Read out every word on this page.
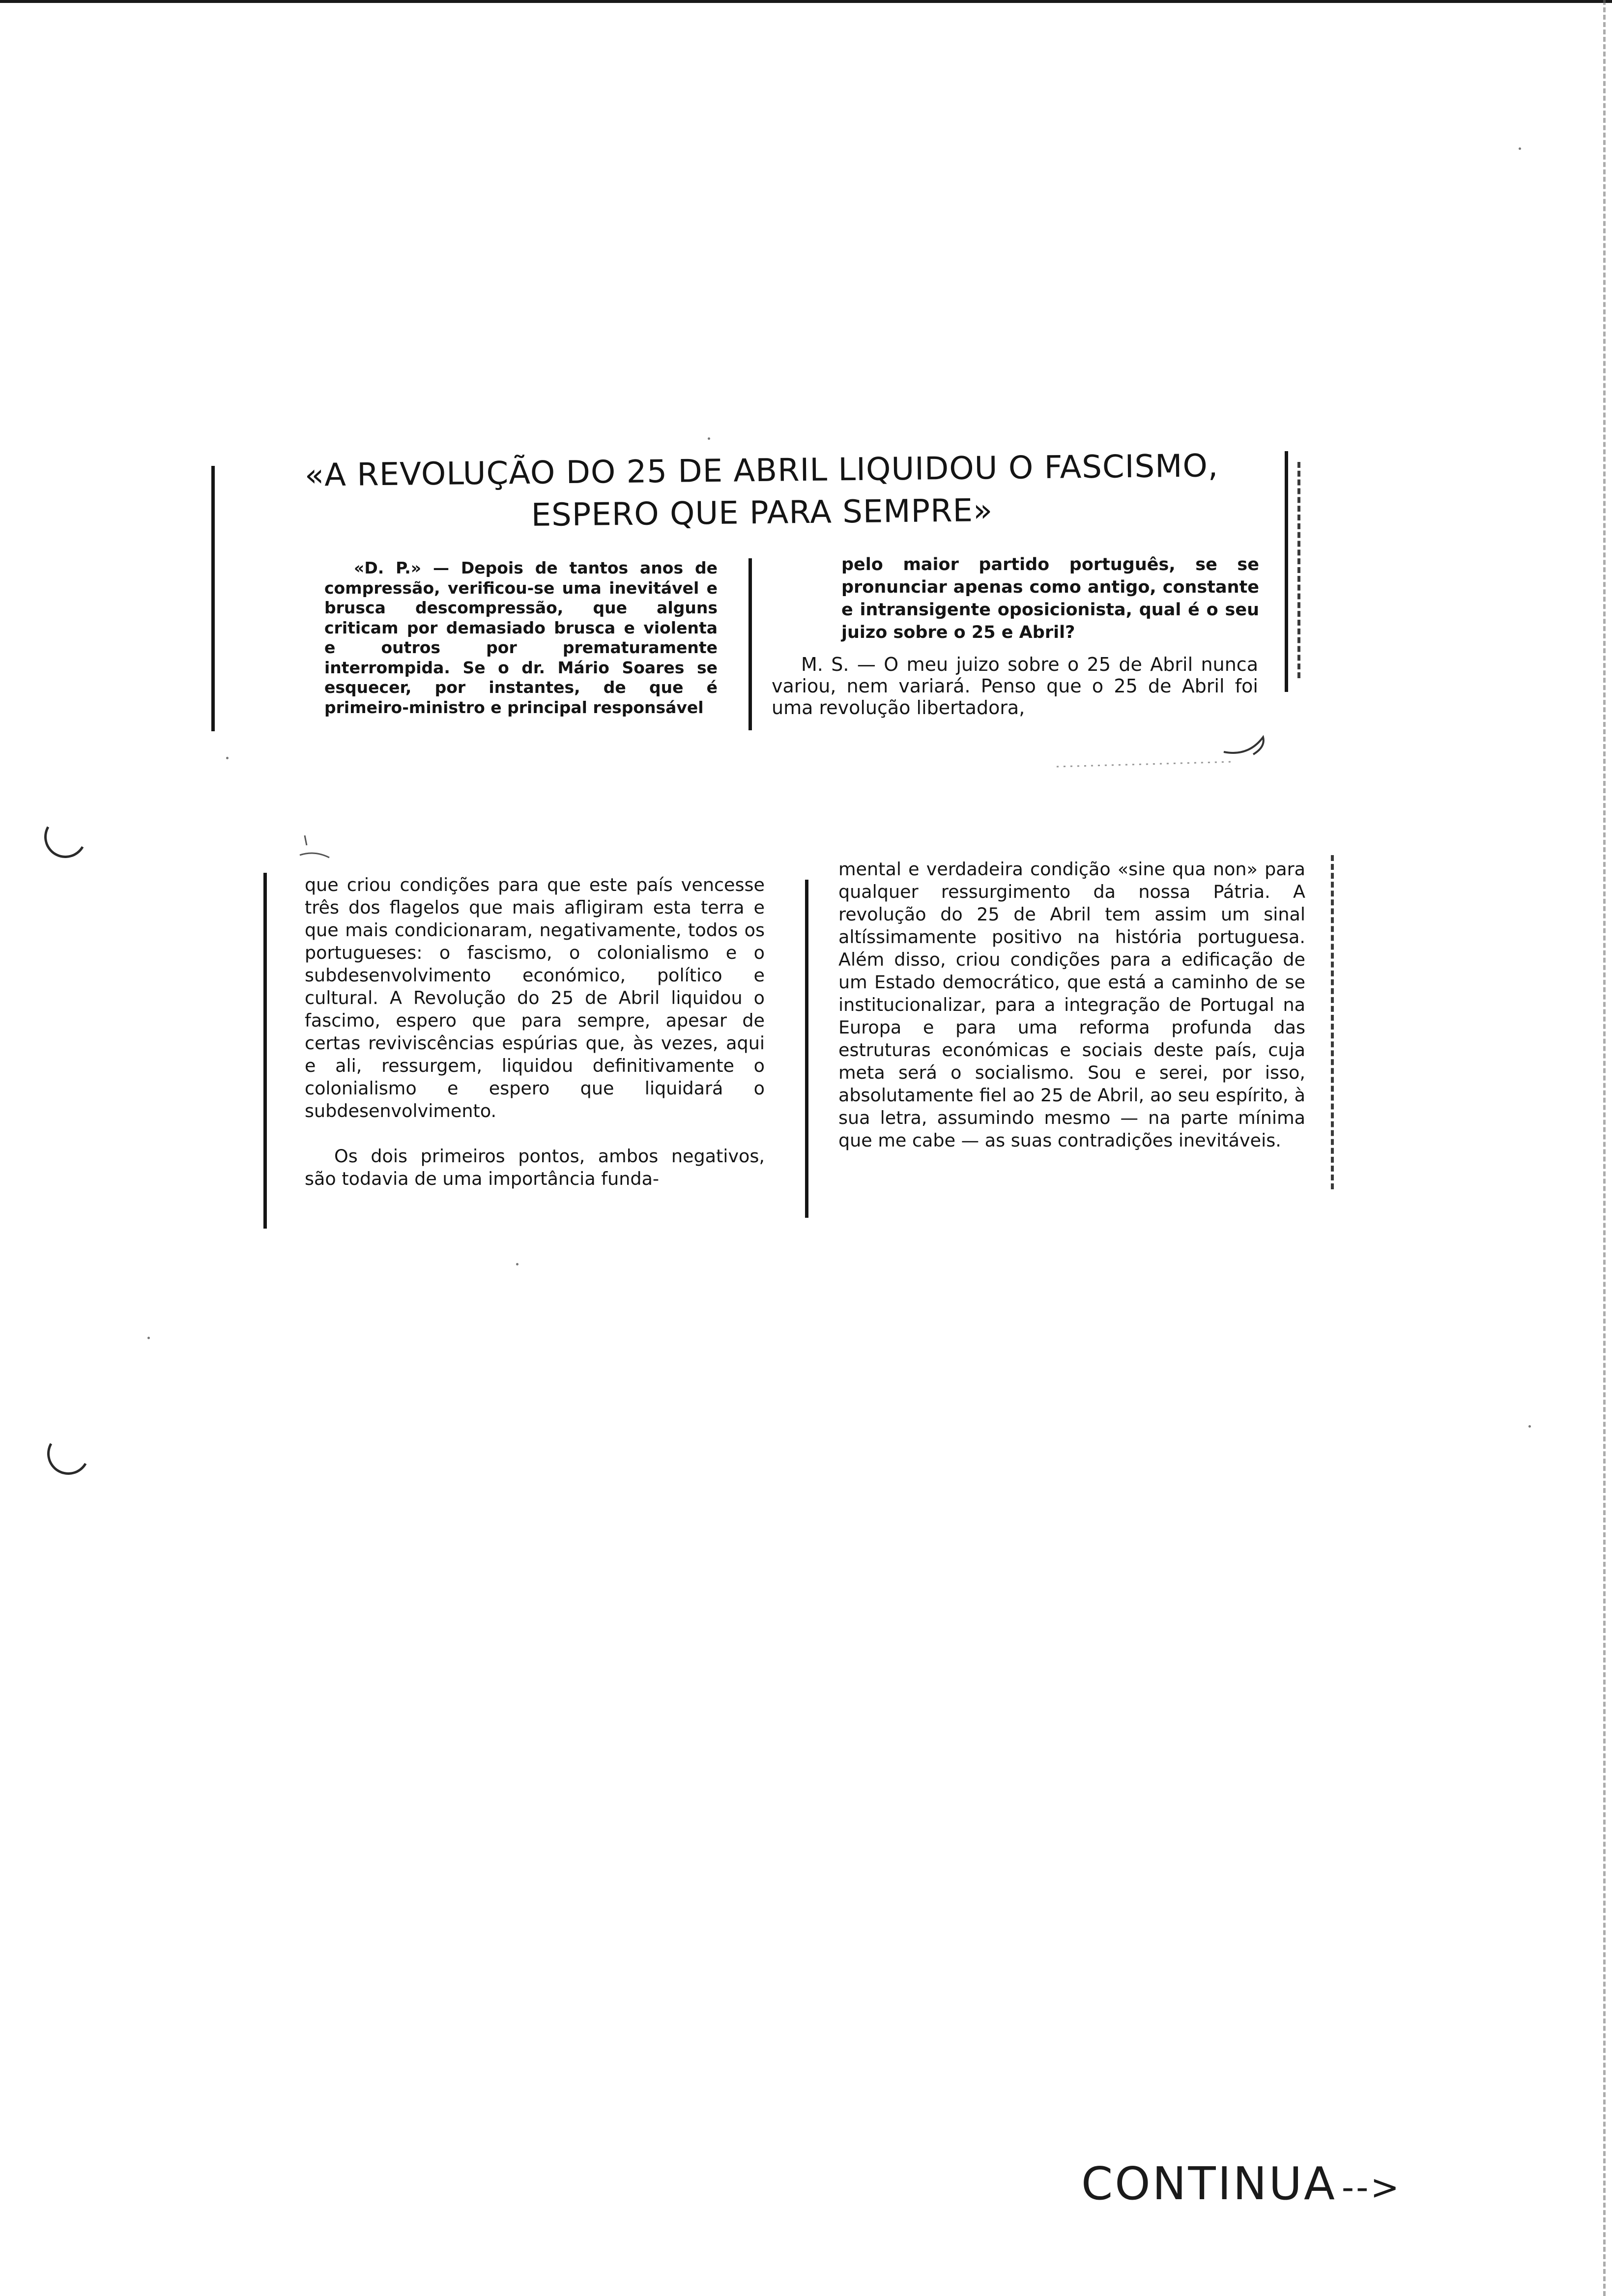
«A REVOLUÇÃO DO 25 DE ABRIL LIQUIDOU O FASCISMO,
ESPERO QUE PARA SEMPRE»

«D. P.» — Depois de tantos anos de compressão, verificou-se uma inevitável e brusca descompressão, que alguns criticam por demasiado brusca e violenta e outros por prematuramente interrompida. Se o dr. Mário Soares se esquecer, por instantes, de que é primeiro-ministro e principal responsável

pelo maior partido português, se se pronunciar apenas como antigo, constante e intransigente oposicionista, qual é o seu juizo sobre o 25 e Abril?

M. S. — O meu juizo sobre o 25 de Abril nunca variou, nem variará. Penso que o 25 de Abril foi uma revolução libertadora,

que criou condições para que este país vencesse três dos flagelos que mais afligiram esta terra e que mais condicionaram, negativamente, todos os portugueses: o fascismo, o colonialismo e o subdesenvolvimento económico, político e cultural. A Revolução do 25 de Abril liquidou o fascimo, espero que para sempre, apesar de certas reviviscências espúrias que, às vezes, aqui e ali, ressurgem, liquidou definitivamente o colonialismo e espero que liquidará o subdesenvolvimento.

Os dois primeiros pontos, ambos negativos, são todavia de uma importância funda-

mental e verdadeira condição «sine qua non» para qualquer ressurgimento da nossa Pátria. A revolução do 25 de Abril tem assim um sinal altíssimamente positivo na história portuguesa. Além disso, criou condições para a edificação de um Estado democrático, que está a caminho de se institucionalizar, para a integração de Portugal na Europa e para uma reforma profunda das estruturas económicas e sociais deste país, cuja meta será o socialismo. Sou e serei, por isso, absolutamente fiel ao 25 de Abril, ao seu espírito, à sua letra, assumindo mesmo — na parte mínima que me cabe — as suas contradições inevitáveis.

CONTINUA -->
